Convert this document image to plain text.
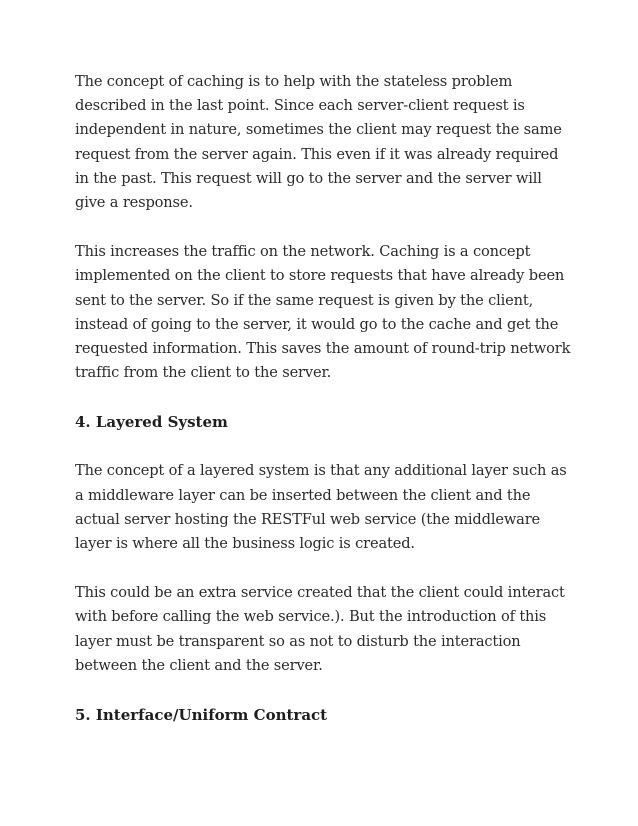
The concept of caching is to help with the stateless problem described in the last point. Since each server-client request is independent in nature, sometimes the client may request the same request from the server again. This even if it was already required in the past. This request will go to the server and the server will give a response.

This increases the traffic on the network. Caching is a concept implemented on the client to store requests that have already been sent to the server. So if the same request is given by the client, instead of going to the server, it would go to the cache and get the requested information. This saves the amount of round-trip network traffic from the client to the server.

4. Layered System

The concept of a layered system is that any additional layer such as a middleware layer can be inserted between the client and the actual server hosting the RESTFul web service (the middleware layer is where all the business logic is created.

This could be an extra service created that the client could interact with before calling the web service.). But the introduction of this layer must be transparent so as not to disturb the interaction between the client and the server.

5. Interface/Uniform Contract
